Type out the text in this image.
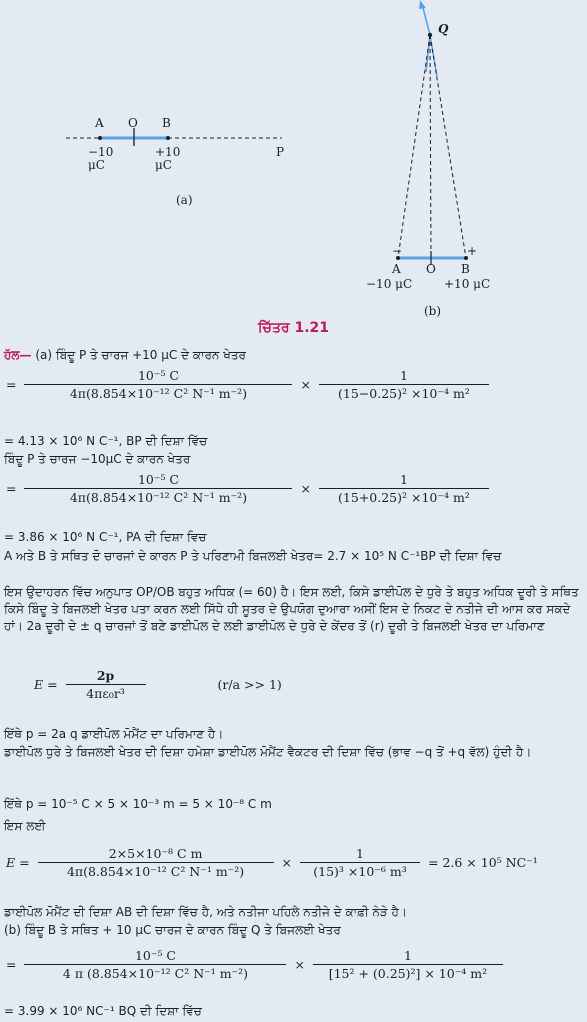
A O B
−10
μC
+10
μC
P
(a)
Q
−	+
A O B
−10 μC	+10 μC
(b)
ਚਿੱਤਰ 1.21
ਹੱਲ— (a) ਬਿੰਦੂ P ਤੇ ਚਾਰਜ +10 μC ਦੇ ਕਾਰਨ ਖੇਤਰ
= $\frac{\text{10⁻⁵ C}}{\text{4π(8.854×10⁻¹² C² N⁻¹ m⁻²)}} \times \frac{1}{\text{(15−0.25)² ×10⁻⁴ m²}}$
= 4.13 × 10⁶ N C⁻¹, BP ਦੀ ਦਿਸ਼ਾ ਵਿੱਚ
ਬਿੰਦੂ P ਤੇ ਚਾਰਜ −10μC ਦੇ ਕਾਰਨ ਖੇਤਰ
= $\frac{\text{10⁻⁵ C}}{\text{4π(8.854×10⁻¹² C² N⁻¹ m⁻²)}} \times \frac{1}{\text{(15+0.25)² ×10⁻⁴ m²}}$
= 3.86 × 10⁶ N C⁻¹, PA ਦੀ ਦਿਸ਼ਾ ਵਿਚ
A ਅਤੇ B ਤੇ ਸਥਿਤ ਦੋ ਚਾਰਜਾਂ ਦੇ ਕਾਰਨ P ਤੇ ਪਰਿਣਾਮੀ ਬਿਜਲਈ ਖੇਤਰ= 2.7 × 10⁵ N C⁻¹BP ਦੀ ਦਿਸ਼ਾ ਵਿਚ
ਇਸ ਉਦਾਹਰਨ ਵਿੱਚ ਅਨੁਪਾਤ OP/OB ਬਹੁਤ ਅਧਿਕ (= 60) ਹੈ। ਇਸ ਲਈ, ਕਿਸੇ ਡਾਈਪੋਲ ਦੇ ਧੁਰੇ ਤੇ ਬਹੁਤ ਅਧਿਕ ਦੂਰੀ ਤੇ ਸਥਿਤ ਕਿਸੇ ਬਿੰਦੂ ਤੇ ਬਿਜਲਈ ਖੇਤਰ ਪਤਾ ਕਰਨ ਲਈ ਸਿੱਧੇ ਹੀ ਸੂਤਰ ਦੇ ਉਪਯੋਗ ਦੁਆਰਾ ਅਸੀਂ ਇਸ ਦੇ ਨਿਕਟ ਦੇ ਨਤੀਜੇ ਦੀ ਆਸ ਕਰ ਸਕਦੇ ਹਾਂ। 2a ਦੂਰੀ ਦੇ ± q ਚਾਰਜਾਂ ਤੋਂ ਬਣੇ ਡਾਈਪੋਲ ਦੇ ਲਈ ਡਾਈਪੋਲ ਦੇ ਧੁਰੇ ਦੇ ਕੇਂਦਰ ਤੋਂ (r) ਦੂਰੀ ਤੇ ਬਿਜਲਈ ਖੇਤਰ ਦਾ ਪਰਿਮਾਣ
$E = \frac{2p}{\text{4πε₀r³}}$	(r/a >> 1)
ਇੱਥੇ p = 2a q ਡਾਈਪੋਲ ਮੋਮੈਂਟ ਦਾ ਪਰਿਮਾਣ ਹੈ।
ਡਾਈਪੋਲ ਧੁਰੇ ਤੇ ਬਿਜਲਈ ਖੇਤਰ ਦੀ ਦਿਸ਼ਾ ਹਮੇਸ਼ਾ ਡਾਈਪੋਲ ਮੋਮੈਂਟ ਵੈਕਟਰ ਦੀ ਦਿਸ਼ਾ ਵਿੱਚ (ਭਾਵ −q ਤੋਂ +q ਵੱਲ) ਹੁੰਦੀ ਹੈ।
ਇੱਥੇ p = 10⁻⁵ C × 5 × 10⁻³ m = 5 × 10⁻⁸ C m
ਇਸ ਲਈ
$E = \frac{\text{2×5×10⁻⁸ C m}}{\text{4π(8.854×10⁻¹² C² N⁻¹ m⁻²)}} \times \frac{1}{\text{(15)³ ×10⁻⁶ m³}} = 2.6 \times 10^5$ NC⁻¹
ਡਾਈਪੋਲ ਮੋਮੈਂਟ ਦੀ ਦਿਸ਼ਾ AB ਦੀ ਦਿਸ਼ਾ ਵਿੱਚ ਹੈ, ਅਤੇ ਨਤੀਜਾ ਪਹਿਲੇ ਨਤੀਜੇ ਦੇ ਕਾਫ਼ੀ ਨੇੜੇ ਹੈ।
(b) ਬਿੰਦੂ B ਤੇ ਸਥਿਤ + 10 μC ਚਾਰਜ ਦੇ ਕਾਰਨ ਬਿੰਦੂ Q ਤੇ ਬਿਜਲਈ ਖੇਤਰ
= $\frac{\text{10⁻⁵ C}}{\text{4 π (8.854×10⁻¹² C² N⁻¹ m⁻²)}} \times \frac{1}{\text{[15² + (0.25)²] × 10⁻⁴ m²}}$
= 3.99 × 10⁶ NC⁻¹ BQ ਦੀ ਦਿਸ਼ਾ ਵਿੱਚ
